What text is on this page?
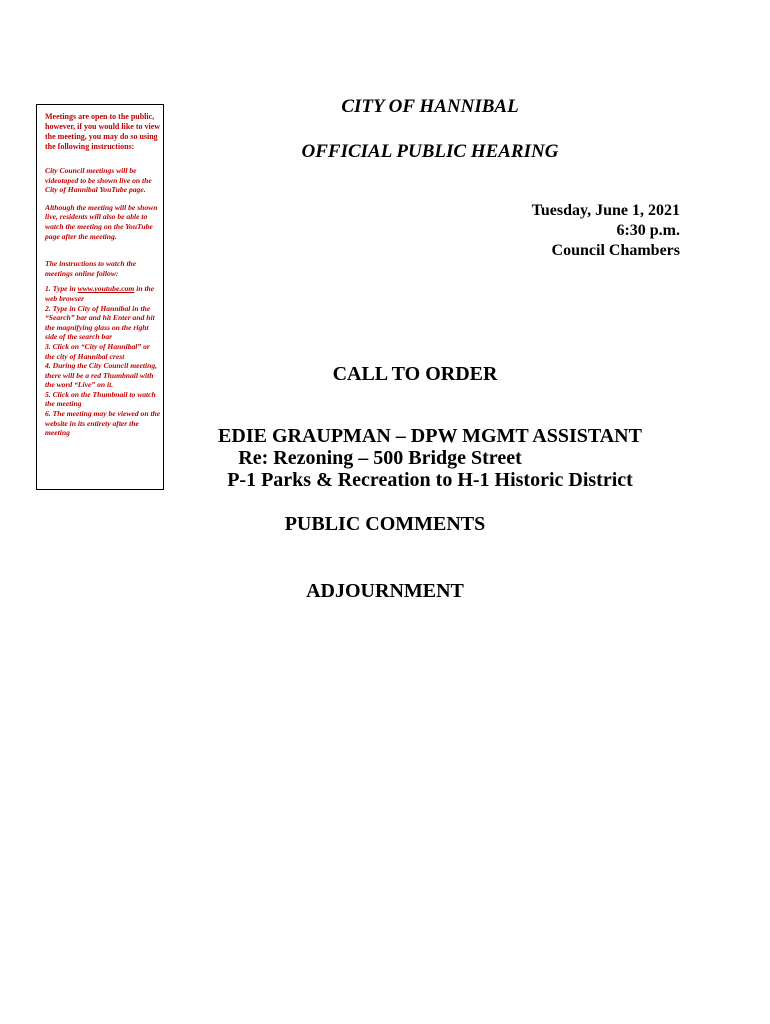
Meetings are open to the public, however, if you would like to view the meeting, you may do so using the following instructions:

City Council meetings will be videotaped to be shown live on the City of Hannibal YouTube page.

Although the meeting will be shown live, residents will also be able to watch the meeting on the YouTube page after the meeting.

The instructions to watch the meetings online follow:

1. Type in www.youtube.com in the web browser
2. Type in City of Hannibal in the “Search” bar and hit Enter and hit the magnifying glass on the right side of the search bar
3. Click on “City of Hannibal” or the city of Hannibal crest
4. During the City Council meeting, there will be a red Thumbnail with the word “Live” on it.
5. Click on the Thumbnail to watch the meeting
6. The meeting may be viewed on the website in its entirety after the meeting

CITY OF HANNIBAL

OFFICIAL PUBLIC HEARING

Tuesday, June 1, 2021
6:30 p.m.
Council Chambers

CALL TO ORDER

EDIE GRAUPMAN – DPW MGMT ASSISTANT

Re: Rezoning – 500 Bridge Street

P-1 Parks & Recreation to H-1 Historic District

PUBLIC COMMENTS

ADJOURNMENT
